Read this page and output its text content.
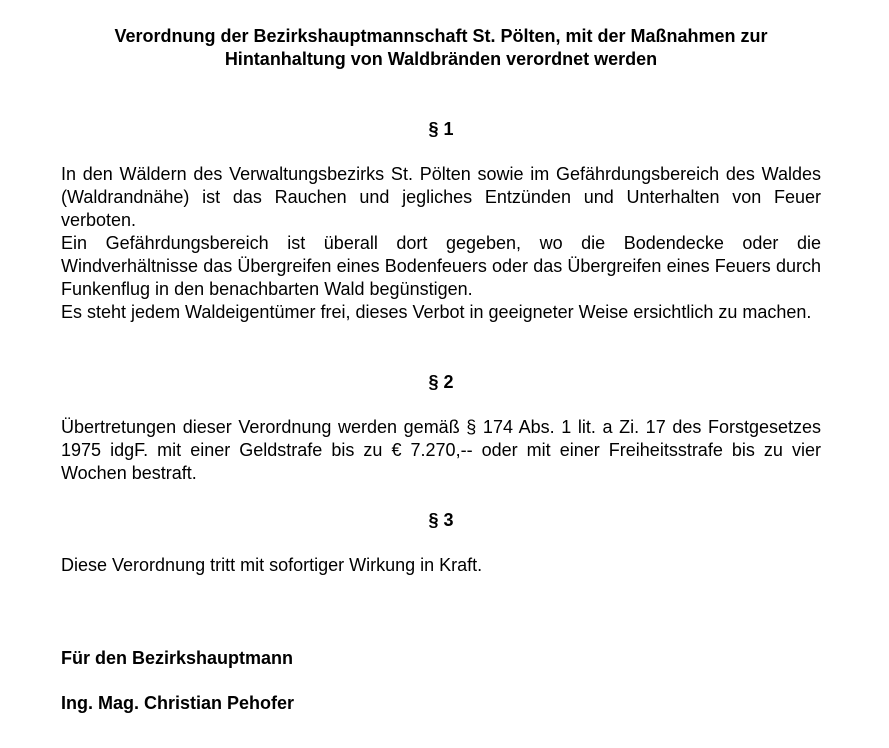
Verordnung der Bezirkshauptmannschaft St. Pölten, mit der Maßnahmen zur
Hintanhaltung von Waldbränden verordnet werden
§ 1

In den Wäldern des Verwaltungsbezirks St. Pölten sowie im Gefährdungsbereich des Waldes (Waldrandnähe) ist das Rauchen und jegliches Entzünden und Unterhalten von Feuer verboten.

Ein Gefährdungsbereich ist überall dort gegeben, wo die Bodendecke oder die Windverhältnisse das Übergreifen eines Bodenfeuers oder das Übergreifen eines Feuers durch Funkenflug in den benachbarten Wald begünstigen.

Es steht jedem Waldeigentümer frei, dieses Verbot in geeigneter Weise ersichtlich zu machen.

§ 2

Übertretungen dieser Verordnung werden gemäß § 174 Abs. 1 lit. a Zi. 17 des Forstgesetzes 1975 idgF. mit einer Geldstrafe bis zu € 7.270,-- oder mit einer Freiheitsstrafe bis zu vier Wochen bestraft.

§ 3

Diese Verordnung tritt mit sofortiger Wirkung in Kraft.

Für den Bezirkshauptmann
Ing. Mag. Christian Pehofer
